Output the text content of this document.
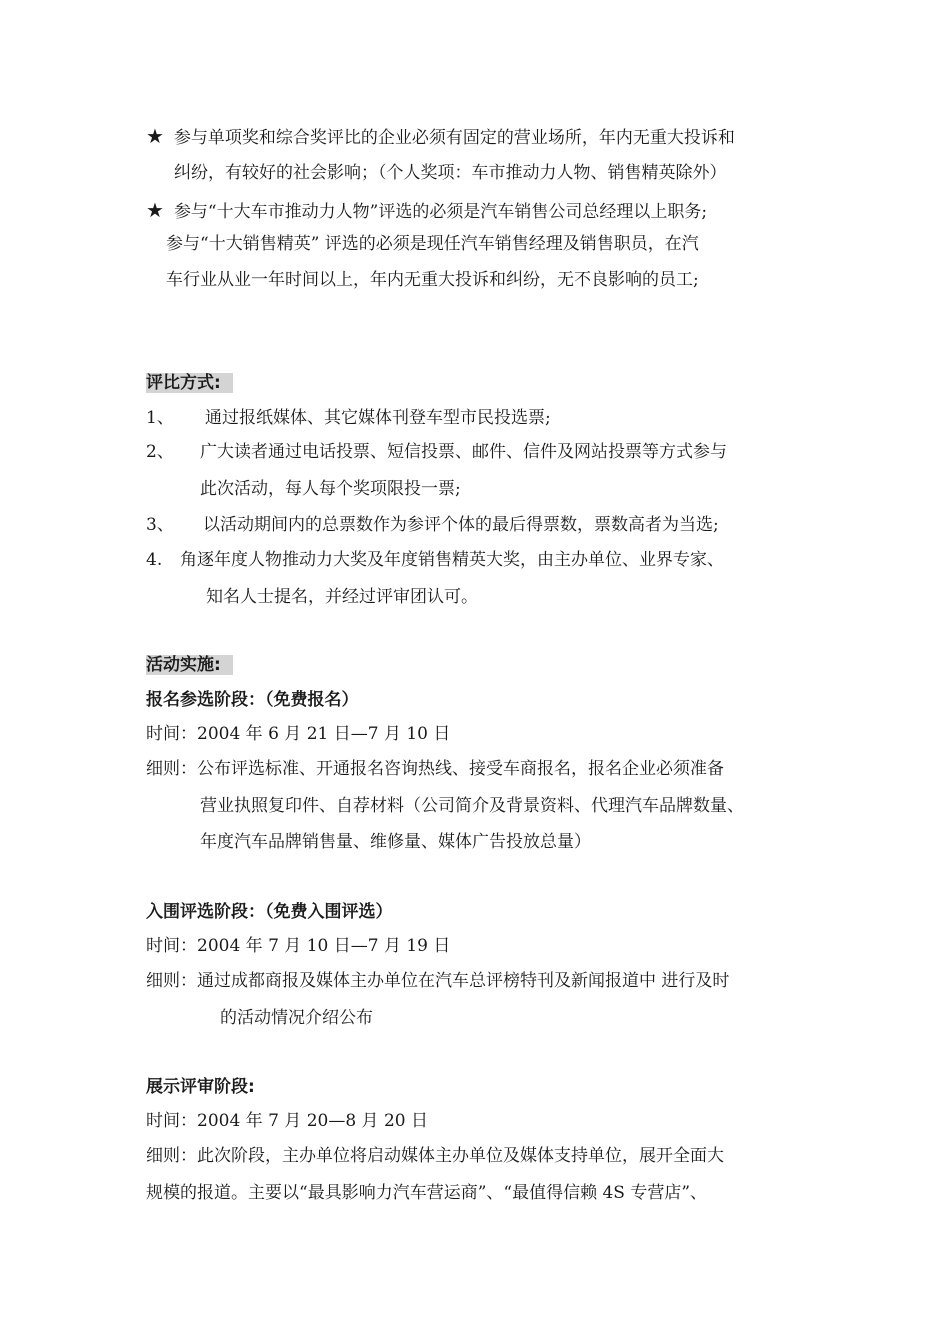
★ 参与单项奖和综合奖评比的企业必须有固定的营业场所，年内无重大投诉和
纠纷，有较好的社会影响；（个人奖项：车市推动力人物、销售精英除外）
★ 参与“十大车市推动力人物”评选的必须是汽车销售公司总经理以上职务;
参与“十大销售精英” 评选的必须是现任汽车销售经理及销售职员，在汽
车行业从业一年时间以上，年内无重大投诉和纠纷，无不良影响的员工;
评比方式:
1、 通过报纸媒体、其它媒体刊登车型市民投选票;
2、 广大读者通过电话投票、短信投票、邮件、信件及网站投票等方式参与
此次活动，每人每个奖项限投一票;
3、 以活动期间内的总票数作为参评个体的最后得票数，票数高者为当选;
4. 角逐年度人物推动力大奖及年度销售精英大奖，由主办单位、业界专家、
知名人士提名，并经过评审团认可。
活动实施:
报名参选阶段：（免费报名）
时间：2004 年 6 月 21 日—7 月 10 日
细则：公布评选标准、开通报名咨询热线、接受车商报名，报名企业必须准备
营业执照复印件、自荐材料（公司简介及背景资料、代理汽车品牌数量、
年度汽车品牌销售量、维修量、媒体广告投放总量）
入围评选阶段：（免费入围评选）
时间：2004 年 7 月 10 日—7 月 19 日
细则：通过成都商报及媒体主办单位在汽车总评榜特刊及新闻报道中 进行及时
的活动情况介绍公布
展示评审阶段:
时间：2004 年 7 月 20—8 月 20 日
细则：此次阶段，主办单位将启动媒体主办单位及媒体支持单位，展开全面大
规模的报道。主要以“最具影响力汽车营运商”、“最值得信赖 4S 专营店”、
